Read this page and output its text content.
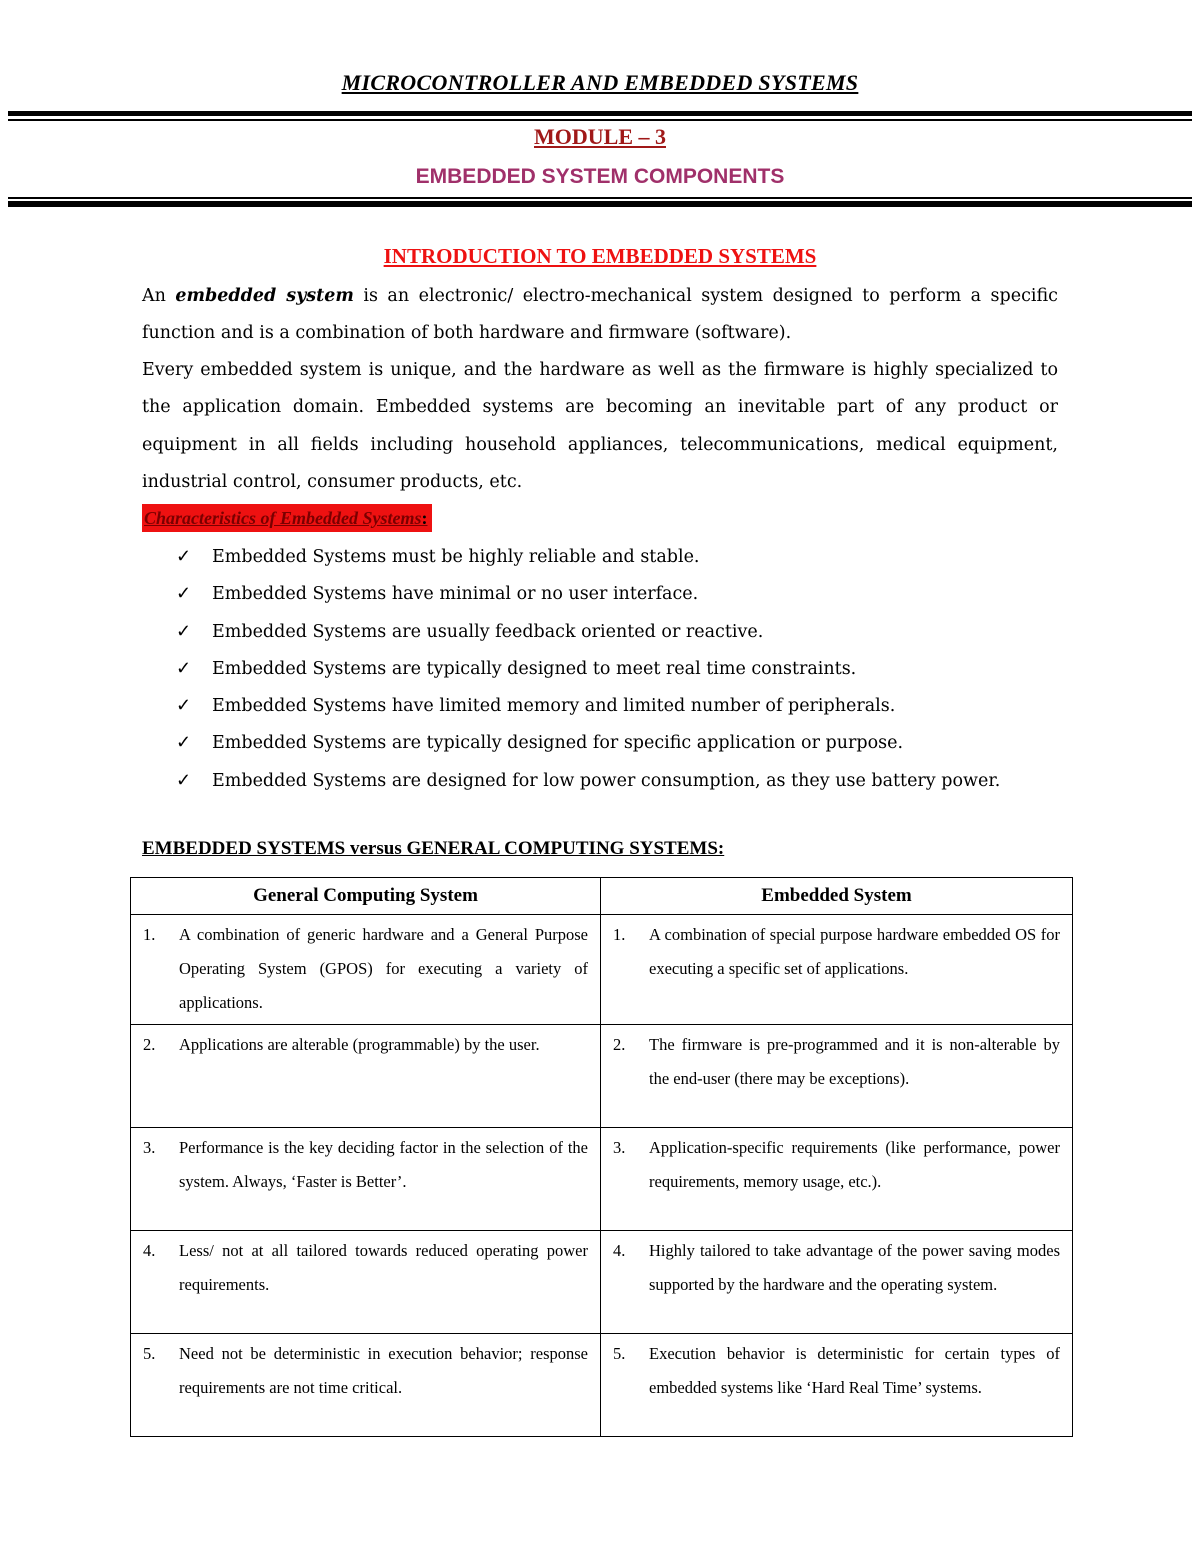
MICROCONTROLLER AND EMBEDDED SYSTEMS
MODULE – 3
EMBEDDED SYSTEM COMPONENTS
INTRODUCTION TO EMBEDDED SYSTEMS
An embedded system is an electronic/ electro-mechanical system designed to perform a specific function and is a combination of both hardware and firmware (software).
Every embedded system is unique, and the hardware as well as the firmware is highly specialized to the application domain. Embedded systems are becoming an inevitable part of any product or equipment in all fields including household appliances, telecommunications, medical equipment, industrial control, consumer products, etc.
Characteristics of Embedded Systems:
✓ Embedded Systems must be highly reliable and stable.
✓ Embedded Systems have minimal or no user interface.
✓ Embedded Systems are usually feedback oriented or reactive.
✓ Embedded Systems are typically designed to meet real time constraints.
✓ Embedded Systems have limited memory and limited number of peripherals.
✓ Embedded Systems are typically designed for specific application or purpose.
✓ Embedded Systems are designed for low power consumption, as they use battery power.
EMBEDDED SYSTEMS versus GENERAL COMPUTING SYSTEMS:
General Computing System	Embedded System

1. A combination of generic hardware and a General Purpose Operating System (GPOS) for executing a variety of applications.	1. A combination of special purpose hardware embedded OS for executing a specific set of applications.

2. Applications are alterable (programmable) by the user.	2. The firmware is pre-programmed and it is non-alterable by the end-user (there may be exceptions).

3. Performance is the key deciding factor in the selection of the system. Always, ‘Faster is Better’.	3. Application-specific requirements (like performance, power requirements, memory usage, etc.).

4. Less/ not at all tailored towards reduced operating power requirements.	4. Highly tailored to take advantage of the power saving modes supported by the hardware and the operating system.

5. Need not be deterministic in execution behavior; response requirements are not time critical.	5. Execution behavior is deterministic for certain types of embedded systems like ‘Hard Real Time’ systems.
